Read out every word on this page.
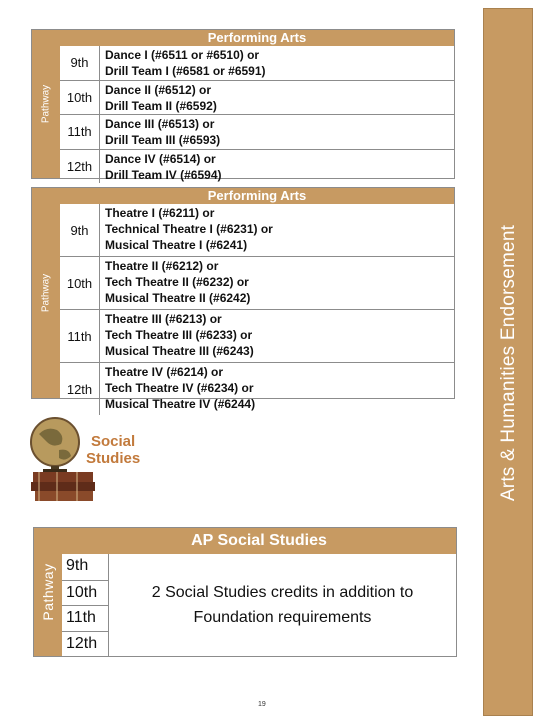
Arts & Humanities Endorsement
Pathway
Performing Arts
9th
Dance I (#6511 or #6510) or
Drill Team I (#6581 or #6591)
10th
Dance II (#6512) or
Drill Team II (#6592)
11th
Dance III (#6513) or
Drill Team III (#6593)
12th
Dance IV (#6514) or
Drill Team IV (#6594)
Pathway
Performing Arts
9th
Theatre I (#6211) or
Technical Theatre I (#6231) or
Musical Theatre I (#6241)
10th
Theatre II (#6212) or
Tech Theatre II (#6232) or
Musical Theatre II (#6242)
11th
Theatre III (#6213) or
Tech Theatre III (#6233) or
Musical Theatre III (#6243)
12th
Theatre IV (#6214) or
Tech Theatre IV (#6234) or
Musical Theatre IV (#6244)
Social
Studies
Pathway
AP Social Studies
9th
10th
11th
12th
2 Social Studies credits in addition to
Foundation requirements
19
